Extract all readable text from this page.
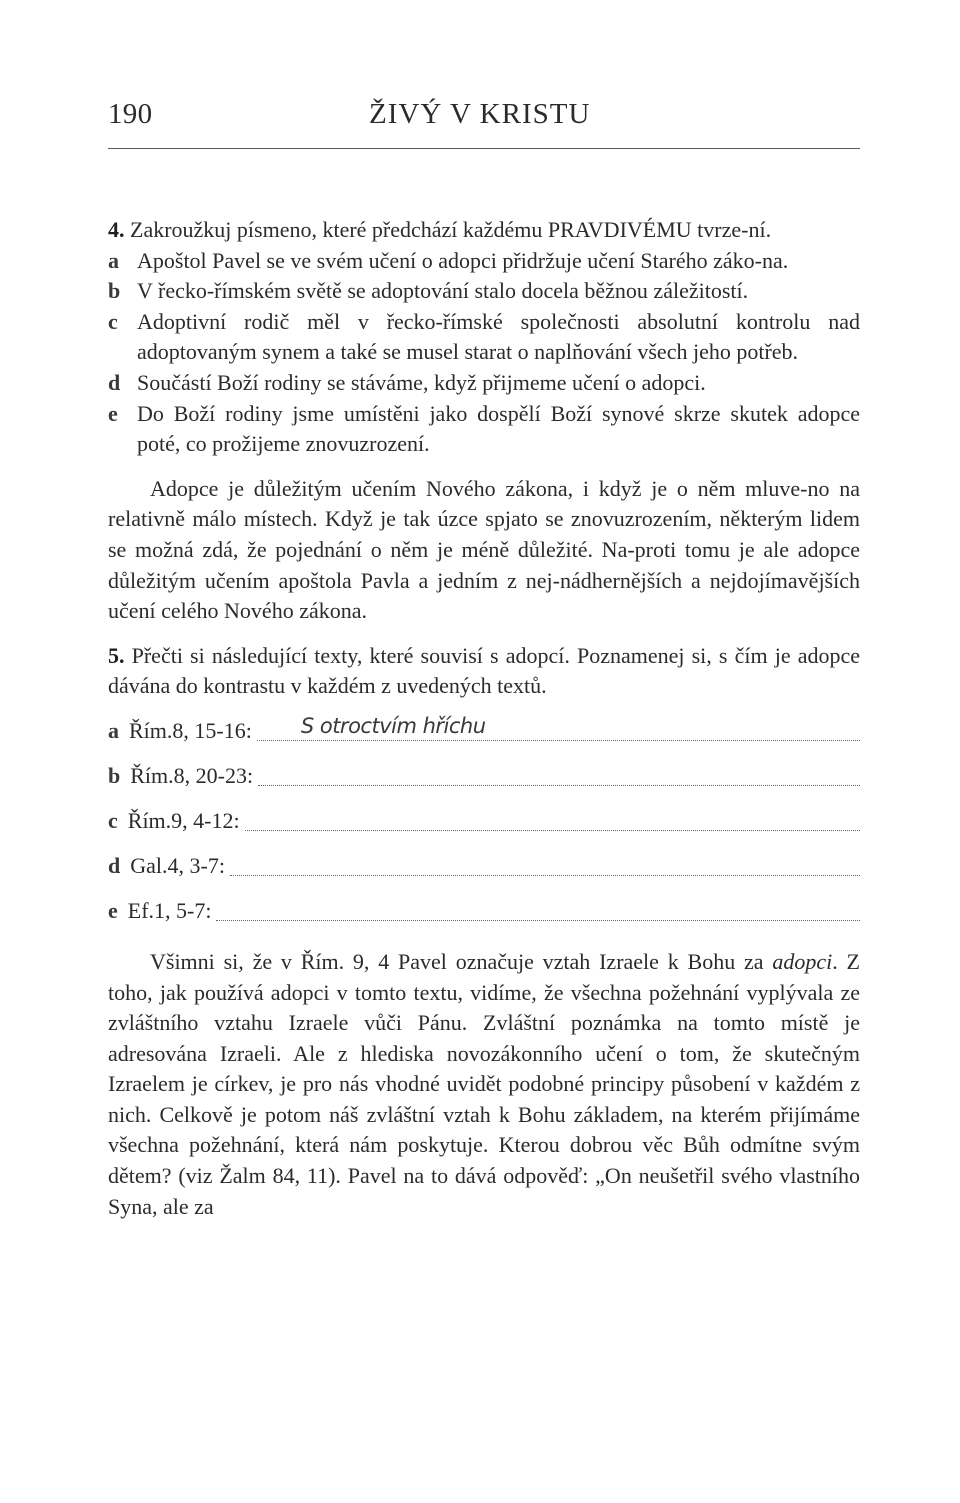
190	ŽIVÝ V KRISTU

4. Zakroužkuj písmeno, které předchází každému PRAVDIVÉMU tvrze-ní.

a Apoštol Pavel se ve svém učení o adopci přidržuje učení Starého záko-na.

b V řecko-římském světě se adoptování stalo docela běžnou záležitostí.

c Adoptivní rodič měl v řecko-římské společnosti absolutní kontrolu nad adoptovaným synem a také se musel starat o naplňování všech jeho potřeb.

d Součástí Boží rodiny se stáváme, když přijmeme učení o adopci.

e Do Boží rodiny jsme umístěni jako dospělí Boží synové skrze skutek adopce poté, co prožijeme znovuzrození.

Adopce je důležitým učením Nového zákona, i když je o něm mluve-no na relativně málo místech. Když je tak úzce spjato se znovuzrozením, některým lidem se možná zdá, že pojednání o něm je méně důležité. Na-proti tomu je ale adopce důležitým učením apoštola Pavla a jedním z nej-nádhernějších a nejdojímavějších učení celého Nového zákona.

5. Přečti si následující texty, které souvisí s adopcí. Poznamenej si, s čím je adopce dávána do kontrastu v každém z uvedených textů.

a Řím.8, 15-16: S otroctvím hříchu
b Řím.8, 20-23:
c Řím.9, 4-12:
d Gal.4, 3-7:
e Ef.1, 5-7:

Všimni si, že v Řím. 9, 4 Pavel označuje vztah Izraele k Bohu za adopci. Z toho, jak používá adopci v tomto textu, vidíme, že všechna požehnání vyplývala ze zvláštního vztahu Izraele vůči Pánu. Zvláštní poznámka na tomto místě je adresována Izraeli. Ale z hlediska novozákonního učení o tom, že skutečným Izraelem je církev, je pro nás vhodné uvidět podobné principy působení v každém z nich. Celkově je potom náš zvláštní vztah k Bohu základem, na kterém přijímáme všechna požehnání, která nám poskytuje. Kterou dobrou věc Bůh odmítne svým dětem? (viz Žalm 84, 11). Pavel na to dává odpověď: „On neušetřil svého vlastního Syna, ale za
